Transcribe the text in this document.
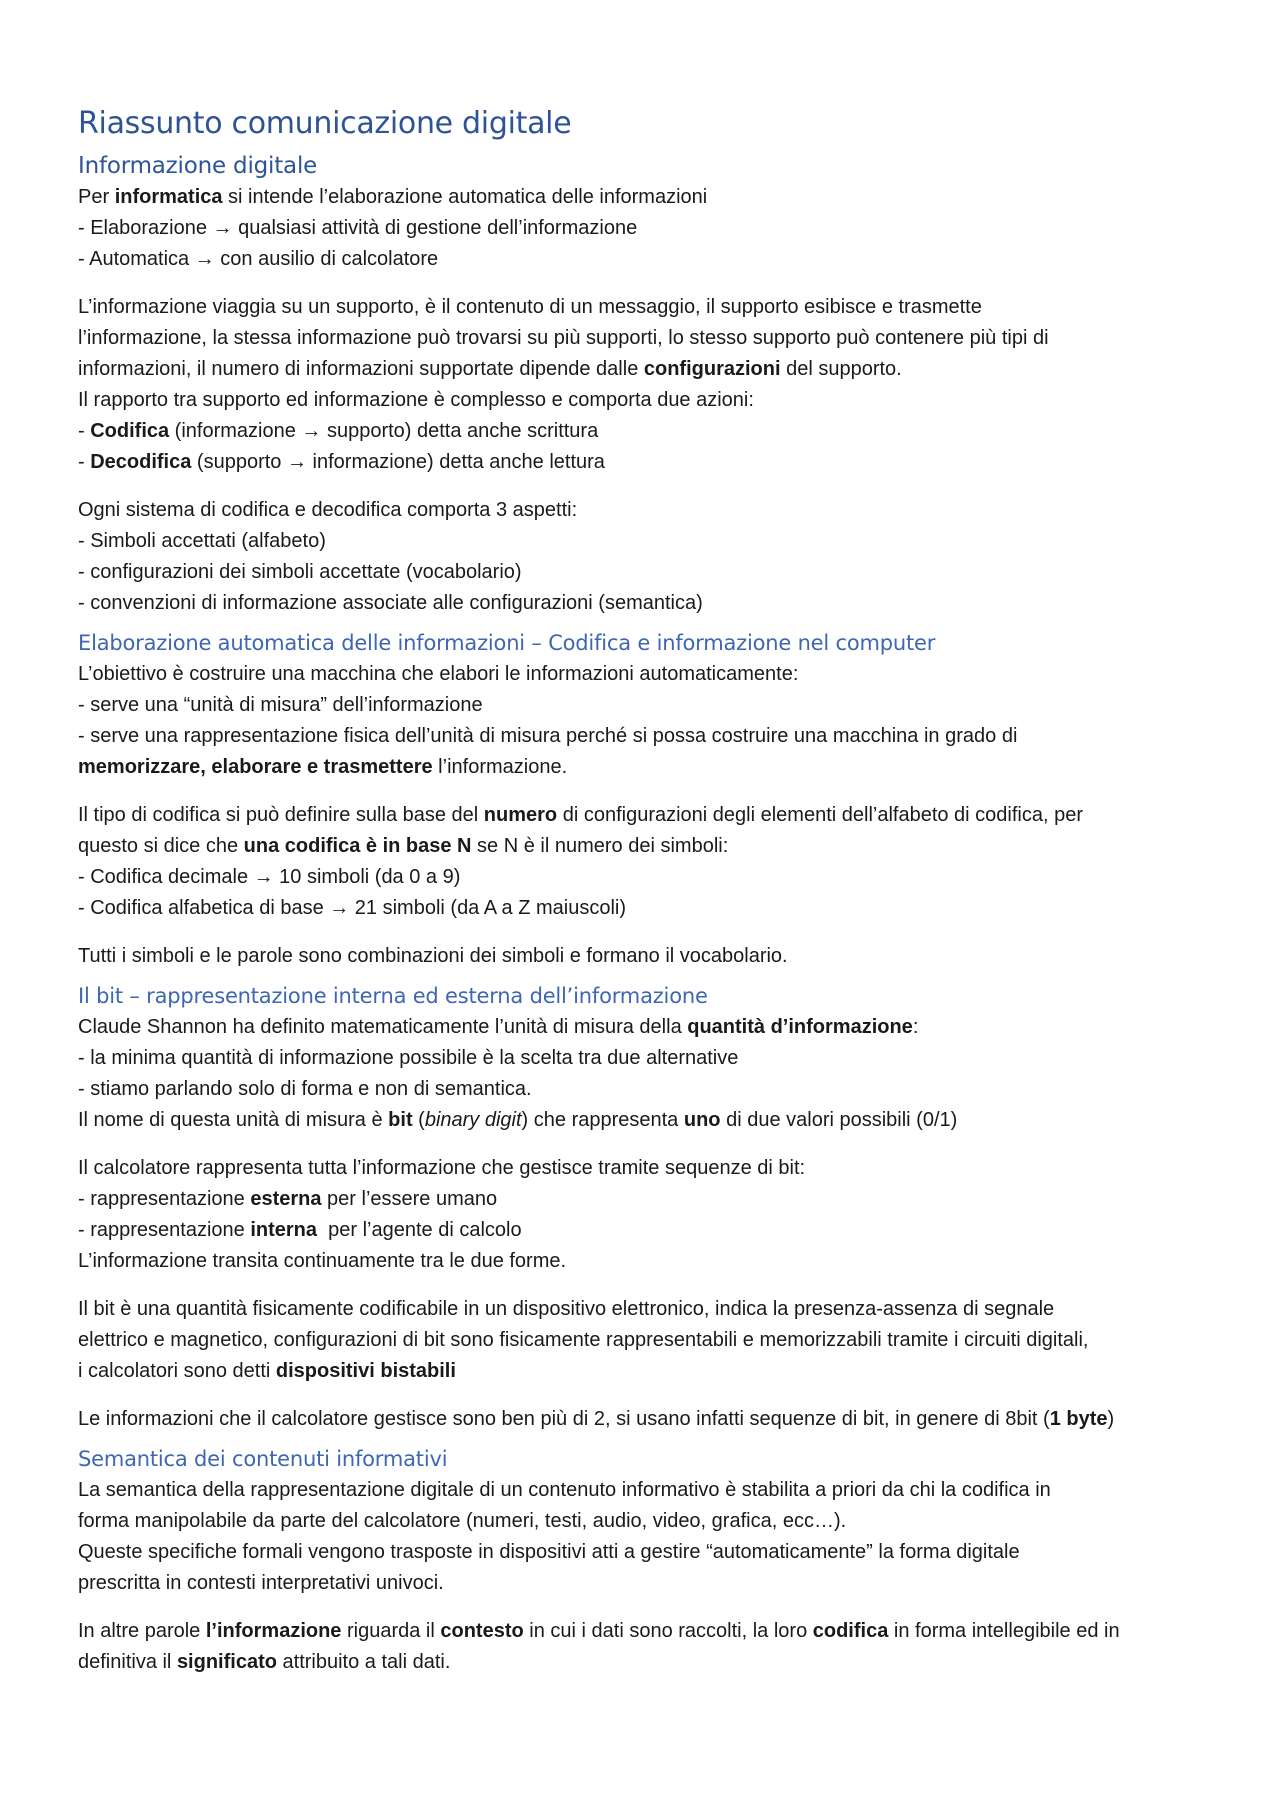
Riassunto comunicazione digitale
Informazione digitale

Per informatica si intende l’elaborazione automatica delle informazioni

- Elaborazione → qualsiasi attività di gestione dell’informazione

- Automatica → con ausilio di calcolatore

L’informazione viaggia su un supporto, è il contenuto di un messaggio, il supporto esibisce e trasmette

l’informazione, la stessa informazione può trovarsi su più supporti, lo stesso supporto può contenere più tipi di

informazioni, il numero di informazioni supportate dipende dalle configurazioni del supporto.

Il rapporto tra supporto ed informazione è complesso e comporta due azioni:

- Codifica (informazione → supporto) detta anche scrittura

- Decodifica (supporto → informazione) detta anche lettura

Ogni sistema di codifica e decodifica comporta 3 aspetti:

- Simboli accettati (alfabeto)

- configurazioni dei simboli accettate (vocabolario)

- convenzioni di informazione associate alle configurazioni (semantica)

Elaborazione automatica delle informazioni – Codifica e informazione nel computer

L’obiettivo è costruire una macchina che elabori le informazioni automaticamente:

- serve una “unità di misura” dell’informazione

- serve una rappresentazione fisica dell’unità di misura perché si possa costruire una macchina in grado di

memorizzare, elaborare e trasmettere l’informazione.

Il tipo di codifica si può definire sulla base del numero di configurazioni degli elementi dell’alfabeto di codifica, per

questo si dice che una codifica è in base N se N è il numero dei simboli:

- Codifica decimale → 10 simboli (da 0 a 9)

- Codifica alfabetica di base → 21 simboli (da A a Z maiuscoli)

Tutti i simboli e le parole sono combinazioni dei simboli e formano il vocabolario.

Il bit – rappresentazione interna ed esterna dell’informazione

Claude Shannon ha definito matematicamente l’unità di misura della quantità d’informazione:

- la minima quantità di informazione possibile è la scelta tra due alternative

- stiamo parlando solo di forma e non di semantica.

Il nome di questa unità di misura è bit (binary digit) che rappresenta uno di due valori possibili (0/1)

Il calcolatore rappresenta tutta l’informazione che gestisce tramite sequenze di bit:

- rappresentazione esterna per l’essere umano

- rappresentazione interna  per l’agente di calcolo

L’informazione transita continuamente tra le due forme.

Il bit è una quantità fisicamente codificabile in un dispositivo elettronico, indica la presenza-assenza di segnale

elettrico e magnetico, configurazioni di bit sono fisicamente rappresentabili e memorizzabili tramite i circuiti digitali,

i calcolatori sono detti dispositivi bistabili

Le informazioni che il calcolatore gestisce sono ben più di 2, si usano infatti sequenze di bit, in genere di 8bit (1 byte)

Semantica dei contenuti informativi

La semantica della rappresentazione digitale di un contenuto informativo è stabilita a priori da chi la codifica in

forma manipolabile da parte del calcolatore (numeri, testi, audio, video, grafica, ecc…).

Queste specifiche formali vengono trasposte in dispositivi atti a gestire “automaticamente” la forma digitale

prescritta in contesti interpretativi univoci.

In altre parole l’informazione riguarda il contesto in cui i dati sono raccolti, la loro codifica in forma intellegibile ed in

definitiva il significato attribuito a tali dati.
